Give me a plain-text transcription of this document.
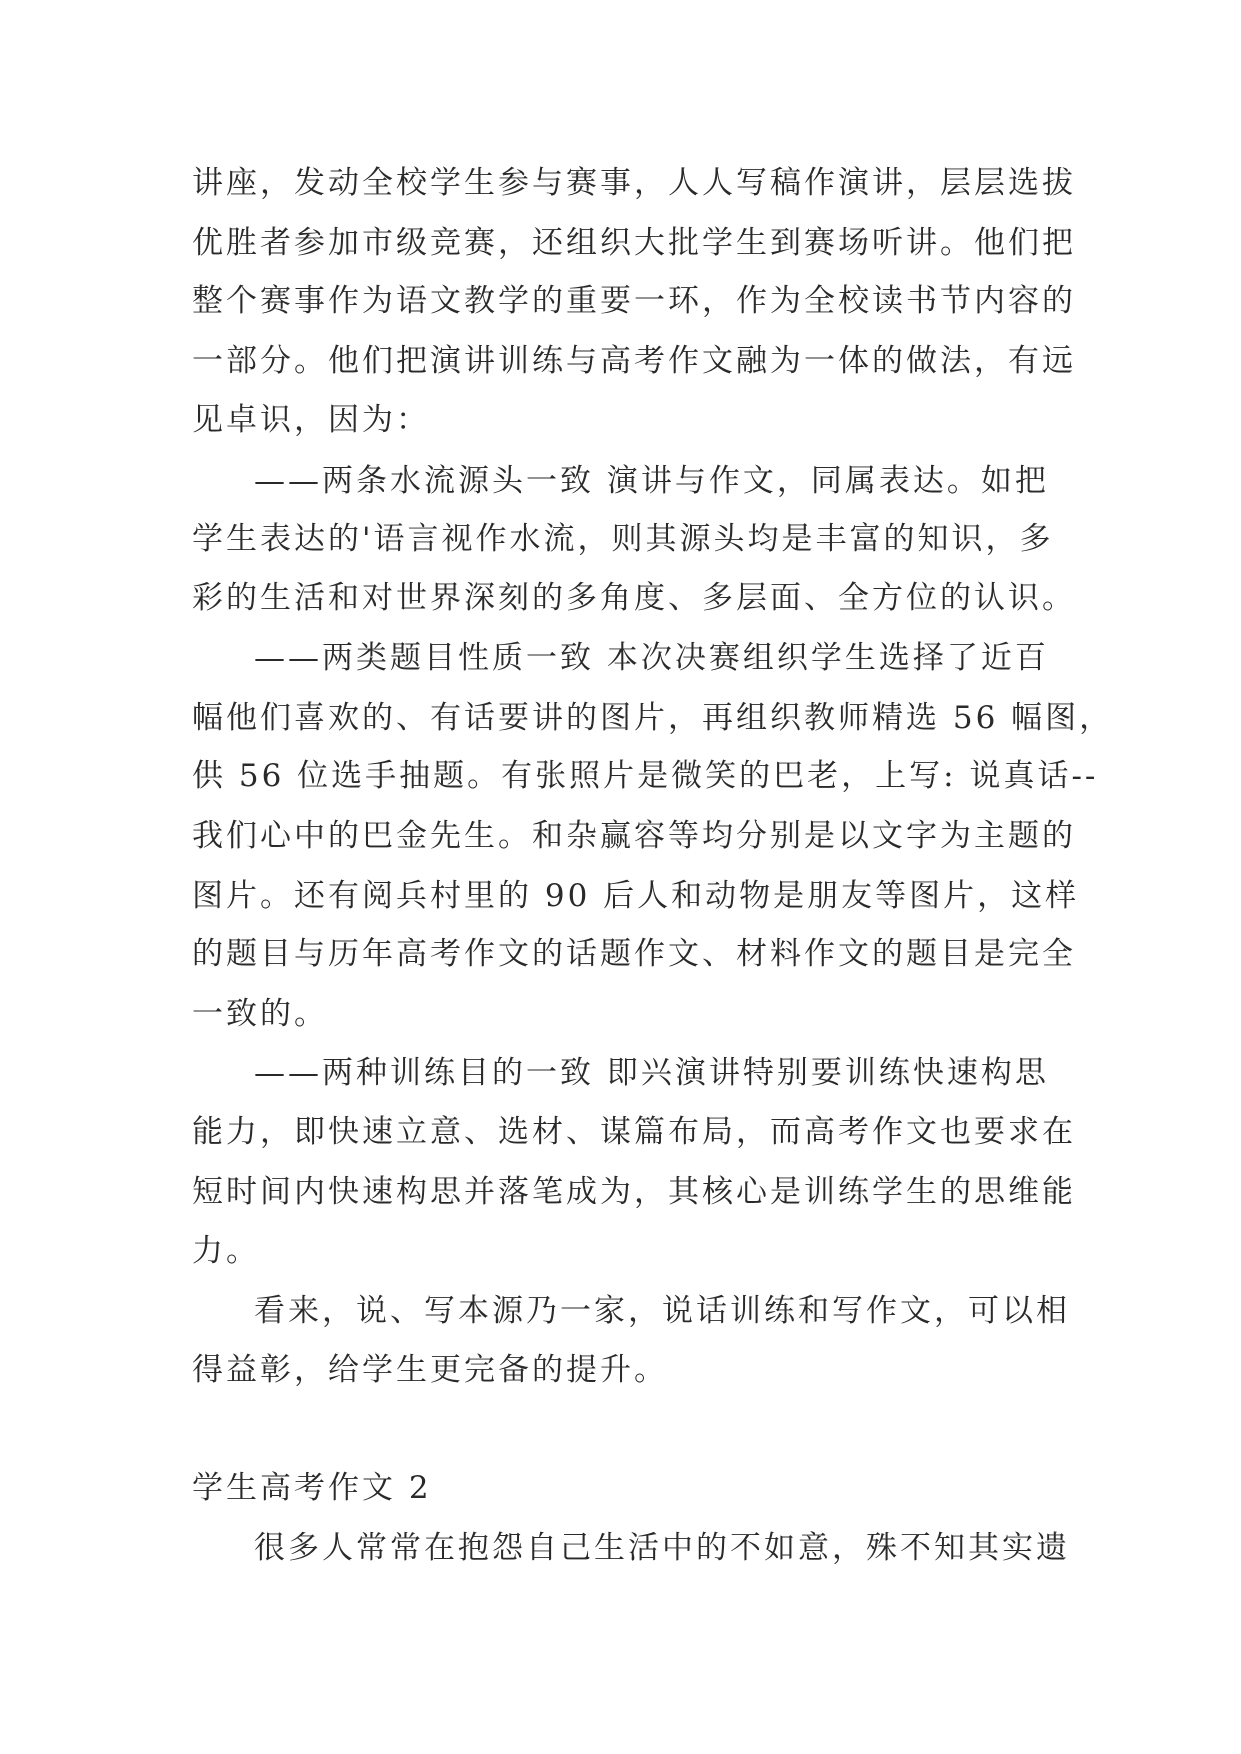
讲座，发动全校学生参与赛事，人人写稿作演讲，层层选拔
优胜者参加市级竞赛，还组织大批学生到赛场听讲。他们把
整个赛事作为语文教学的重要一环，作为全校读书节内容的
一部分。他们把演讲训练与高考作文融为一体的做法，有远
见卓识，因为：
——两条水流源头一致 演讲与作文，同属表达。如把
学生表达的'语言视作水流，则其源头均是丰富的知识，多
彩的生活和对世界深刻的多角度、多层面、全方位的认识。
——两类题目性质一致 本次决赛组织学生选择了近百
幅他们喜欢的、有话要讲的图片，再组织教师精选 56 幅图，
供 56 位选手抽题。有张照片是微笑的巴老，上写: 说真话--
我们心中的巴金先生。和杂赢容等均分别是以文字为主题的
图片。还有阅兵村里的 90 后人和动物是朋友等图片，这样
的题目与历年高考作文的话题作文、材料作文的题目是完全
一致的。
——两种训练目的一致 即兴演讲特别要训练快速构思
能力，即快速立意、选材、谋篇布局，而高考作文也要求在
短时间内快速构思并落笔成为，其核心是训练学生的思维能
力。
看来，说、写本源乃一家，说话训练和写作文，可以相
得益彰，给学生更完备的提升。
学生高考作文 2
很多人常常在抱怨自己生活中的不如意，殊不知其实遗
